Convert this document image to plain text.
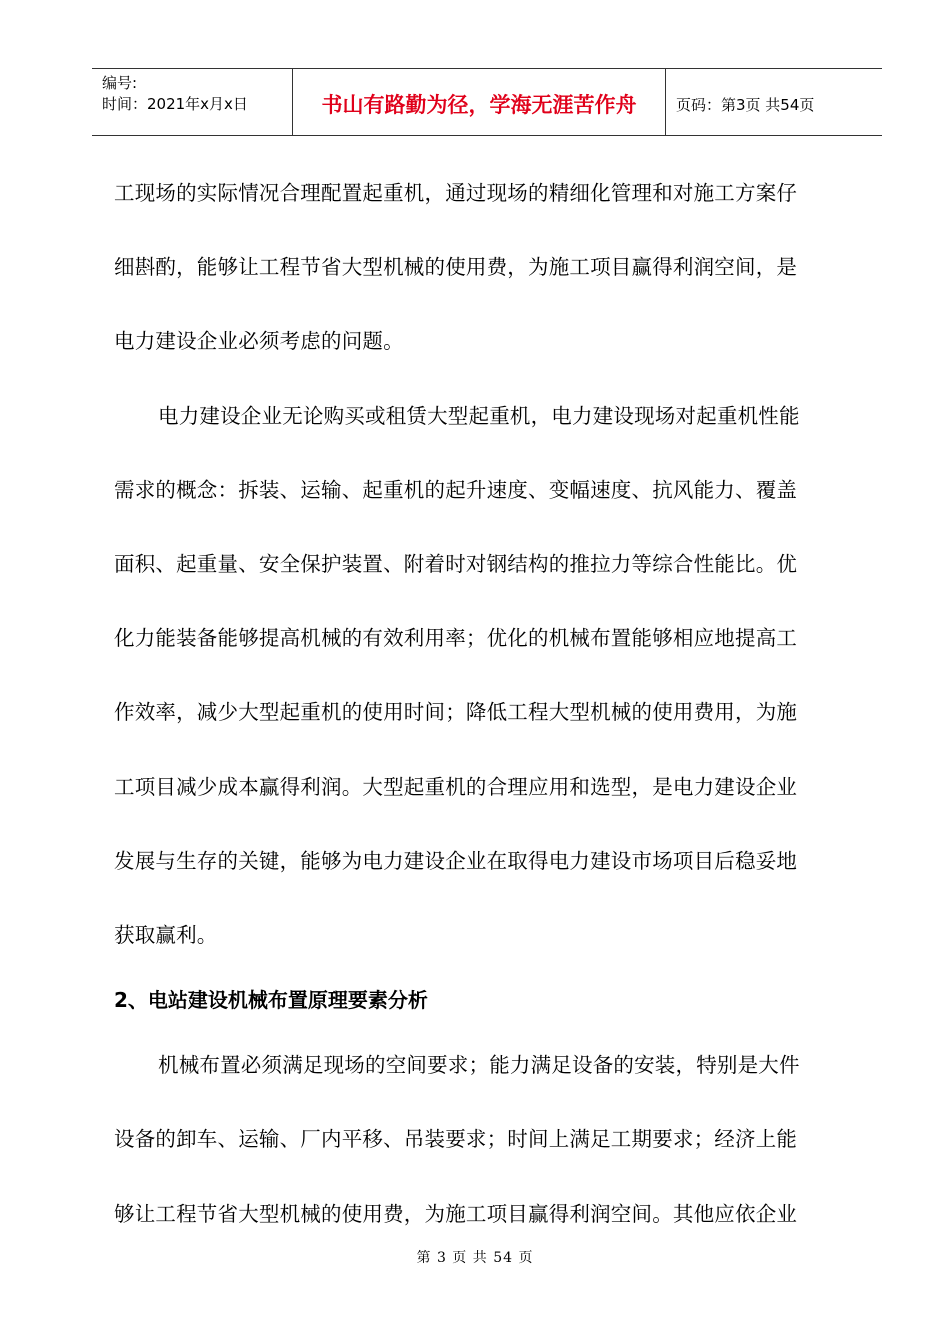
编号:
时间：2021年x月x日	书山有路勤为径，学海无涯苦作舟	页码：第3页 共54页

工现场的实际情况合理配置起重机，通过现场的精细化管理和对施工方案仔

细斟酌，能够让工程节省大型机械的使用费，为施工项目赢得利润空间，是

电力建设企业必须考虑的问题。

电力建设企业无论购买或租赁大型起重机，电力建设现场对起重机性能

需求的概念：拆装、运输、起重机的起升速度、变幅速度、抗风能力、覆盖

面积、起重量、安全保护装置、附着时对钢结构的推拉力等综合性能比。优

化力能装备能够提高机械的有效利用率；优化的机械布置能够相应地提高工

作效率，减少大型起重机的使用时间；降低工程大型机械的使用费用，为施

工项目减少成本赢得利润。大型起重机的合理应用和选型，是电力建设企业

发展与生存的关键，能够为电力建设企业在取得电力建设市场项目后稳妥地

获取赢利。

2、电站建设机械布置原理要素分析

机械布置必须满足现场的空间要求；能力满足设备的安装，特别是大件

设备的卸车、运输、厂内平移、吊装要求；时间上满足工期要求；经济上能

够让工程节省大型机械的使用费，为施工项目赢得利润空间。其他应依企业

第 3 页 共 54 页
